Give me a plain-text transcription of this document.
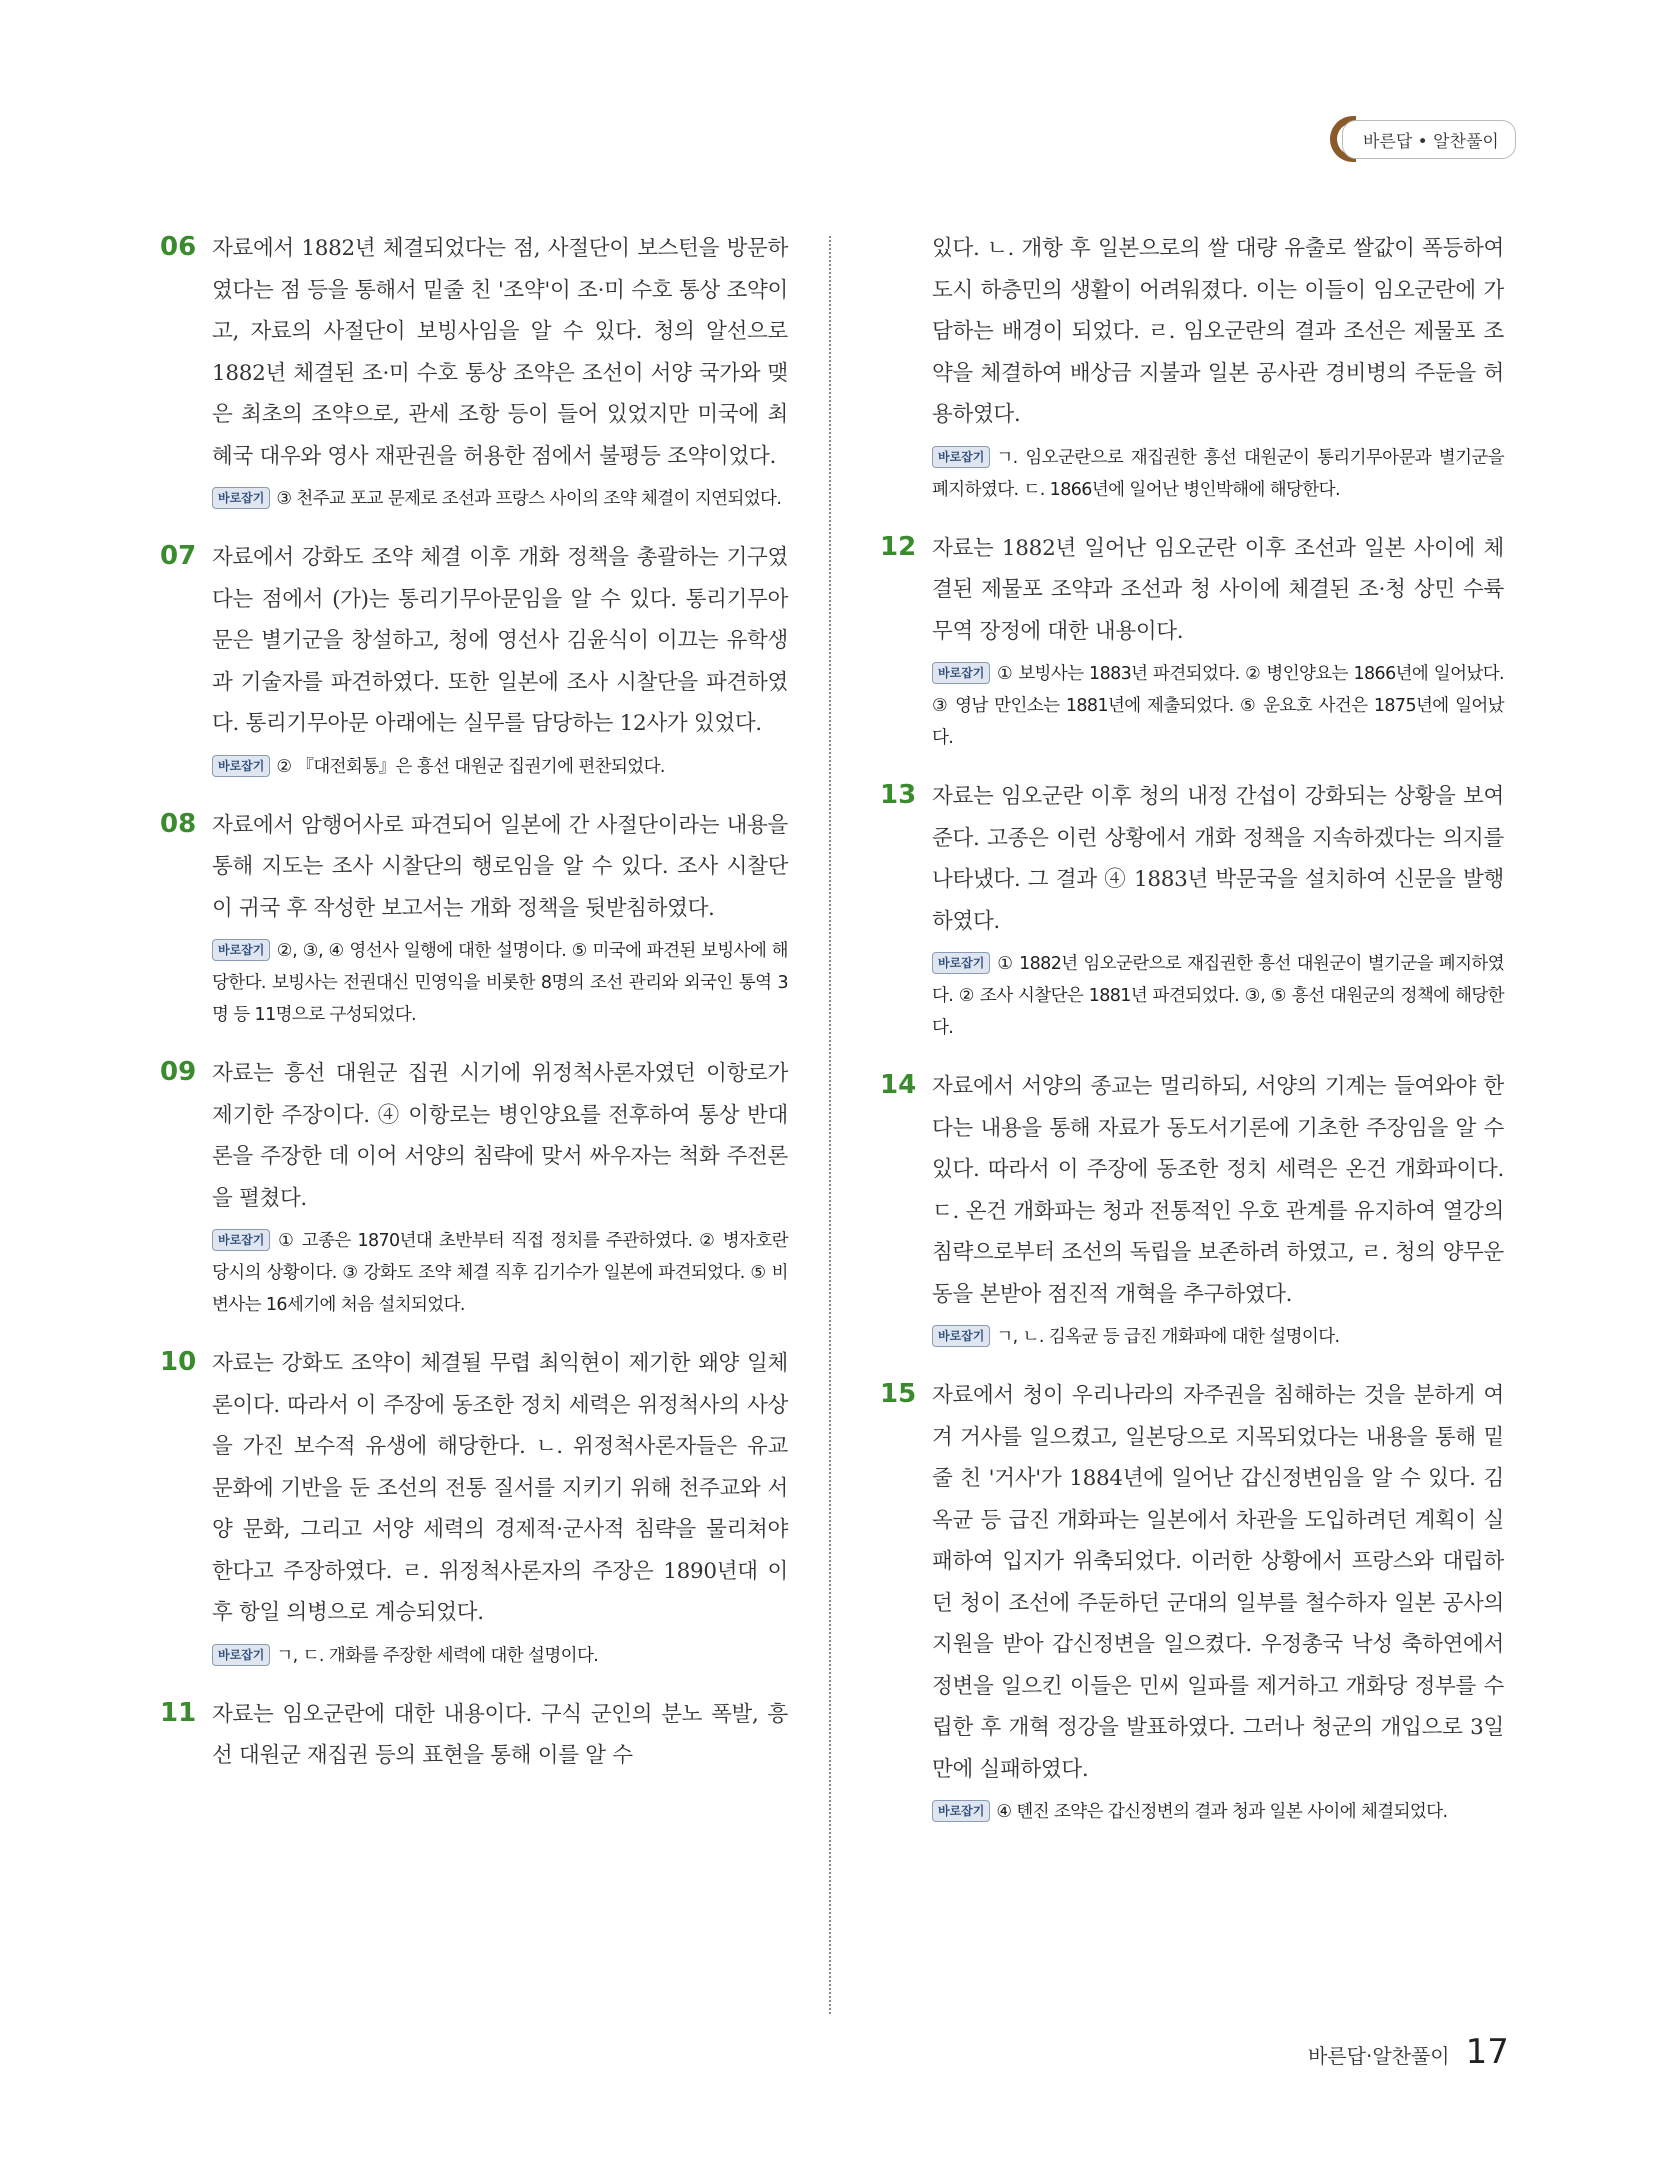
바른답 • 알찬풀이
06 자료에서 1882년 체결되었다는 점, 사절단이 보스턴을 방문하였다는 점 등을 통해서 밑줄 친 '조약'이 조·미 수호 통상 조약이고, 자료의 사절단이 보빙사임을 알 수 있다. 청의 알선으로 1882년 체결된 조·미 수호 통상 조약은 조선이 서양 국가와 맺은 최초의 조약으로, 관세 조항 등이 들어 있었지만 미국에 최혜국 대우와 영사 재판권을 허용한 점에서 불평등 조약이었다.
바로잡기 ③ 천주교 포교 문제로 조선과 프랑스 사이의 조약 체결이 지연되었다.
07 자료에서 강화도 조약 체결 이후 개화 정책을 총괄하는 기구였다는 점에서 (가)는 통리기무아문임을 알 수 있다. 통리기무아문은 별기군을 창설하고, 청에 영선사 김윤식이 이끄는 유학생과 기술자를 파견하였다. 또한 일본에 조사 시찰단을 파견하였다. 통리기무아문 아래에는 실무를 담당하는 12사가 있었다.
바로잡기 ② 『대전회통』은 흥선 대원군 집권기에 편찬되었다.
08 자료에서 암행어사로 파견되어 일본에 간 사절단이라는 내용을 통해 지도는 조사 시찰단의 행로임을 알 수 있다. 조사 시찰단이 귀국 후 작성한 보고서는 개화 정책을 뒷받침하였다.
바로잡기 ②, ③, ④ 영선사 일행에 대한 설명이다. ⑤ 미국에 파견된 보빙사에 해당한다. 보빙사는 전권대신 민영익을 비롯한 8명의 조선 관리와 외국인 통역 3명 등 11명으로 구성되었다.
09 자료는 흥선 대원군 집권 시기에 위정척사론자였던 이항로가 제기한 주장이다. ④ 이항로는 병인양요를 전후하여 통상 반대론을 주장한 데 이어 서양의 침략에 맞서 싸우자는 척화 주전론을 펼쳤다.
바로잡기 ① 고종은 1870년대 초반부터 직접 정치를 주관하였다. ② 병자호란 당시의 상황이다. ③ 강화도 조약 체결 직후 김기수가 일본에 파견되었다. ⑤ 비변사는 16세기에 처음 설치되었다.
10 자료는 강화도 조약이 체결될 무렵 최익현이 제기한 왜양 일체론이다. 따라서 이 주장에 동조한 정치 세력은 위정척사의 사상을 가진 보수적 유생에 해당한다. ㄴ. 위정척사론자들은 유교 문화에 기반을 둔 조선의 전통 질서를 지키기 위해 천주교와 서양 문화, 그리고 서양 세력의 경제적·군사적 침략을 물리쳐야 한다고 주장하였다. ㄹ. 위정척사론자의 주장은 1890년대 이후 항일 의병으로 계승되었다.
바로잡기 ㄱ, ㄷ. 개화를 주장한 세력에 대한 설명이다.
11 자료는 임오군란에 대한 내용이다. 구식 군인의 분노 폭발, 흥선 대원군 재집권 등의 표현을 통해 이를 알 수
있다. ㄴ. 개항 후 일본으로의 쌀 대량 유출로 쌀값이 폭등하여 도시 하층민의 생활이 어려워졌다. 이는 이들이 임오군란에 가담하는 배경이 되었다. ㄹ. 임오군란의 결과 조선은 제물포 조약을 체결하여 배상금 지불과 일본 공사관 경비병의 주둔을 허용하였다.
바로잡기 ㄱ. 임오군란으로 재집권한 흥선 대원군이 통리기무아문과 별기군을 폐지하였다. ㄷ. 1866년에 일어난 병인박해에 해당한다.
12 자료는 1882년 일어난 임오군란 이후 조선과 일본 사이에 체결된 제물포 조약과 조선과 청 사이에 체결된 조·청 상민 수륙 무역 장정에 대한 내용이다.
바로잡기 ① 보빙사는 1883년 파견되었다. ② 병인양요는 1866년에 일어났다. ③ 영남 만인소는 1881년에 제출되었다. ⑤ 운요호 사건은 1875년에 일어났다.
13 자료는 임오군란 이후 청의 내정 간섭이 강화되는 상황을 보여 준다. 고종은 이런 상황에서 개화 정책을 지속하겠다는 의지를 나타냈다. 그 결과 ④ 1883년 박문국을 설치하여 신문을 발행하였다.
바로잡기 ① 1882년 임오군란으로 재집권한 흥선 대원군이 별기군을 폐지하였다. ② 조사 시찰단은 1881년 파견되었다. ③, ⑤ 흥선 대원군의 정책에 해당한다.
14 자료에서 서양의 종교는 멀리하되, 서양의 기계는 들여와야 한다는 내용을 통해 자료가 동도서기론에 기초한 주장임을 알 수 있다. 따라서 이 주장에 동조한 정치 세력은 온건 개화파이다. ㄷ. 온건 개화파는 청과 전통적인 우호 관계를 유지하여 열강의 침략으로부터 조선의 독립을 보존하려 하였고, ㄹ. 청의 양무운동을 본받아 점진적 개혁을 추구하였다.
바로잡기 ㄱ, ㄴ. 김옥균 등 급진 개화파에 대한 설명이다.
15 자료에서 청이 우리나라의 자주권을 침해하는 것을 분하게 여겨 거사를 일으켰고, 일본당으로 지목되었다는 내용을 통해 밑줄 친 '거사'가 1884년에 일어난 갑신정변임을 알 수 있다. 김옥균 등 급진 개화파는 일본에서 차관을 도입하려던 계획이 실패하여 입지가 위축되었다. 이러한 상황에서 프랑스와 대립하던 청이 조선에 주둔하던 군대의 일부를 철수하자 일본 공사의 지원을 받아 갑신정변을 일으켰다. 우정총국 낙성 축하연에서 정변을 일으킨 이들은 민씨 일파를 제거하고 개화당 정부를 수립한 후 개혁 정강을 발표하였다. 그러나 청군의 개입으로 3일 만에 실패하였다.
바로잡기 ④ 톈진 조약은 갑신정변의 결과 청과 일본 사이에 체결되었다.
바른답·알찬풀이 17
